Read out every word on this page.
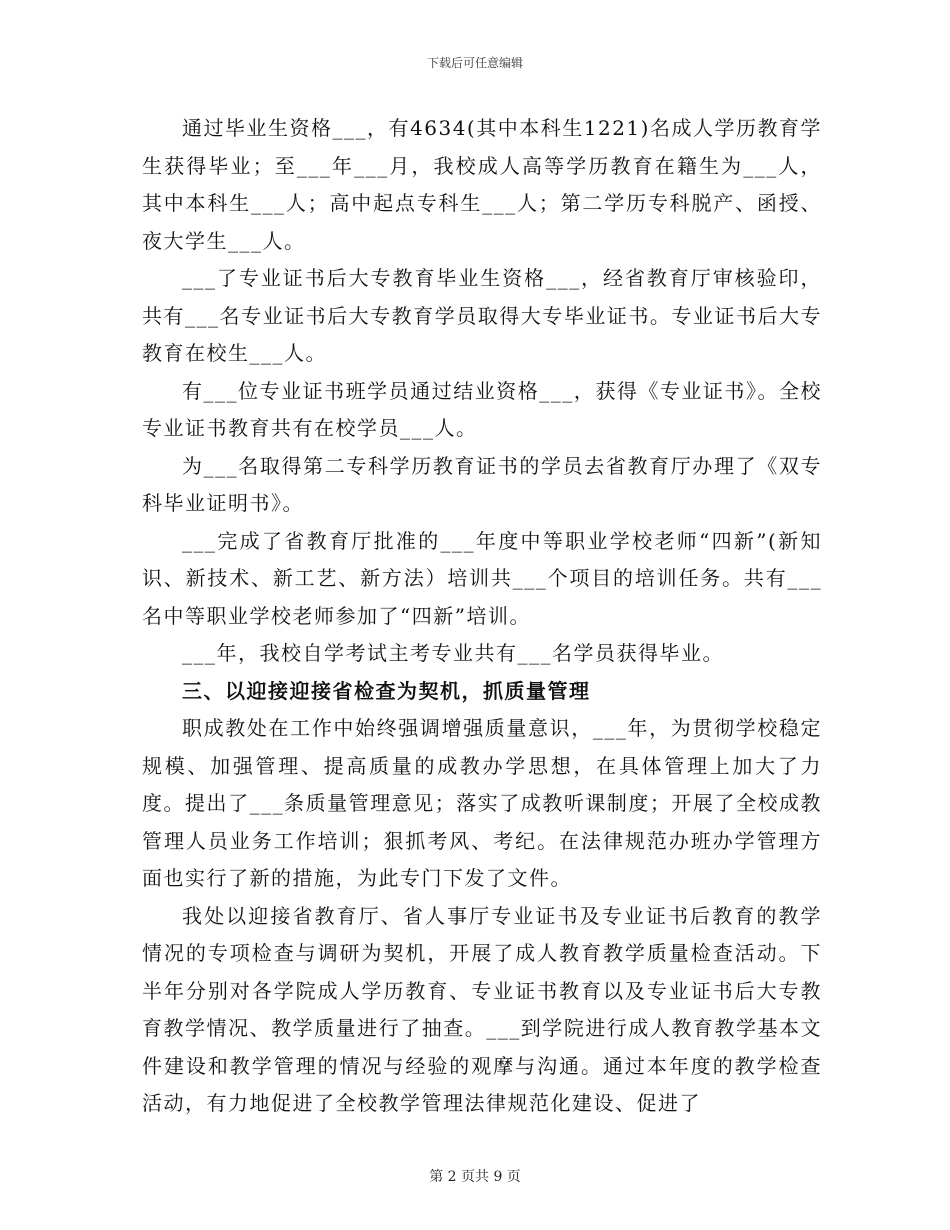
下载后可任意编辑

通过毕业生资格___，有4634(其中本科生1221)名成人学历教育学生获得毕业；至___年___月，我校成人高等学历教育在籍生为___人，其中本科生___人；高中起点专科生___人；第二学历专科脱产、函授、夜大学生___人。

___了专业证书后大专教育毕业生资格___，经省教育厅审核验印，共有___名专业证书后大专教育学员取得大专毕业证书。专业证书后大专教育在校生___人。

有___位专业证书班学员通过结业资格___，获得《专业证书》。全校专业证书教育共有在校学员___人。

为___名取得第二专科学历教育证书的学员去省教育厅办理了《双专科毕业证明书》。

___完成了省教育厅批准的___年度中等职业学校老师“四新”(新知识、新技术、新工艺、新方法）培训共___个项目的培训任务。共有___名中等职业学校老师参加了“四新”培训。

___年，我校自学考试主考专业共有___名学员获得毕业。

三、以迎接迎接省检查为契机，抓质量管理

职成教处在工作中始终强调增强质量意识，___年，为贯彻学校稳定规模、加强管理、提高质量的成教办学思想，在具体管理上加大了力度。提出了___条质量管理意见；落实了成教听课制度；开展了全校成教管理人员业务工作培训；狠抓考风、考纪。在法律规范办班办学管理方面也实行了新的措施，为此专门下发了文件。

我处以迎接省教育厅、省人事厅专业证书及专业证书后教育的教学情况的专项检查与调研为契机，开展了成人教育教学质量检查活动。下半年分别对各学院成人学历教育、专业证书教育以及专业证书后大专教育教学情况、教学质量进行了抽查。___到学院进行成人教育教学基本文件建设和教学管理的情况与经验的观摩与沟通。通过本年度的教学检查活动，有力地促进了全校教学管理法律规范化建设、促进了

第 2 页共 9 页
